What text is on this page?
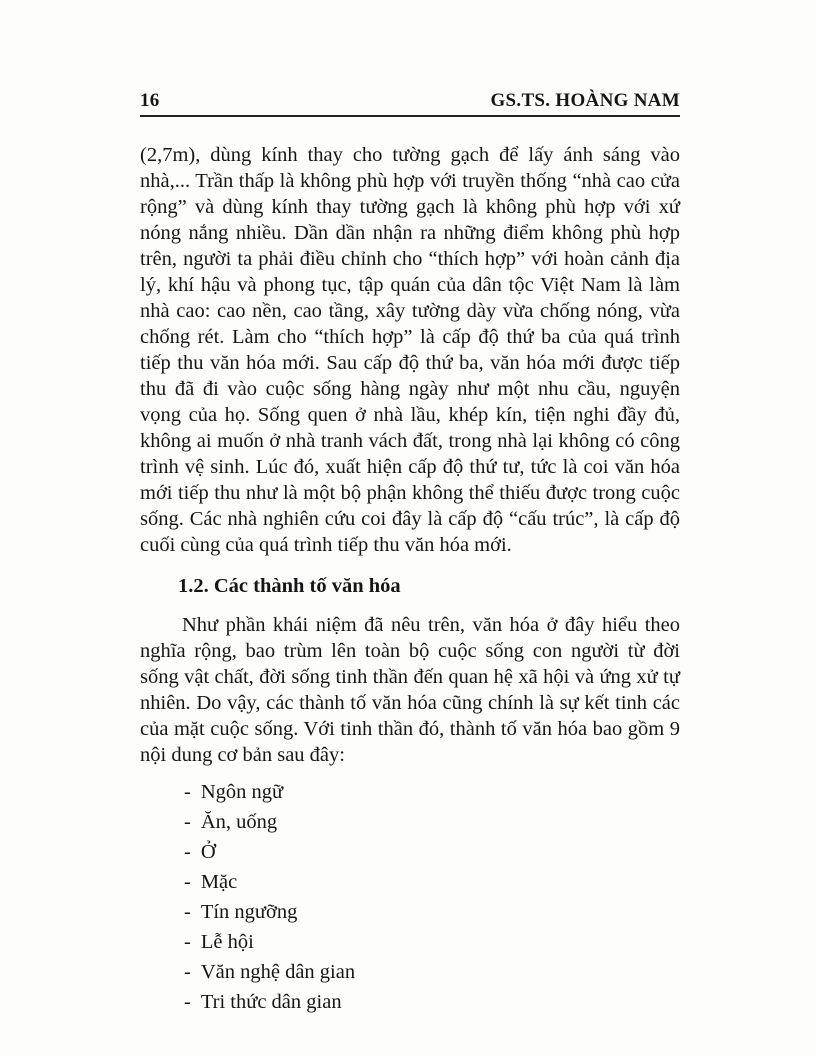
16	GS.TS. HOÀNG NAM

(2,7m), dùng kính thay cho tường gạch để lấy ánh sáng vào nhà,... Trần thấp là không phù hợp với truyền thống “nhà cao cửa rộng” và dùng kính thay tường gạch là không phù hợp với xứ nóng nắng nhiều. Dần dần nhận ra những điểm không phù hợp trên, người ta phải điều chỉnh cho “thích hợp” với hoàn cảnh địa lý, khí hậu và phong tục, tập quán của dân tộc Việt Nam là làm nhà cao: cao nền, cao tầng, xây tường dày vừa chống nóng, vừa chống rét. Làm cho “thích hợp” là cấp độ thứ ba của quá trình tiếp thu văn hóa mới. Sau cấp độ thứ ba, văn hóa mới được tiếp thu đã đi vào cuộc sống hàng ngày như một nhu cầu, nguyện vọng của họ. Sống quen ở nhà lầu, khép kín, tiện nghi đầy đủ, không ai muốn ở nhà tranh vách đất, trong nhà lại không có công trình vệ sinh. Lúc đó, xuất hiện cấp độ thứ tư, tức là coi văn hóa mới tiếp thu như là một bộ phận không thể thiếu được trong cuộc sống. Các nhà nghiên cứu coi đây là cấp độ “cấu trúc”, là cấp độ cuối cùng của quá trình tiếp thu văn hóa mới.

1.2. Các thành tố văn hóa

Như phần khái niệm đã nêu trên, văn hóa ở đây hiểu theo nghĩa rộng, bao trùm lên toàn bộ cuộc sống con người từ đời sống vật chất, đời sống tinh thần đến quan hệ xã hội và ứng xử tự nhiên. Do vậy, các thành tố văn hóa cũng chính là sự kết tinh các của mặt cuộc sống. Với tinh thần đó, thành tố văn hóa bao gồm 9 nội dung cơ bản sau đây:

- Ngôn ngữ
- Ăn, uống
- Ở
- Mặc
- Tín ngưỡng
- Lễ hội
- Văn nghệ dân gian
- Tri thức dân gian
